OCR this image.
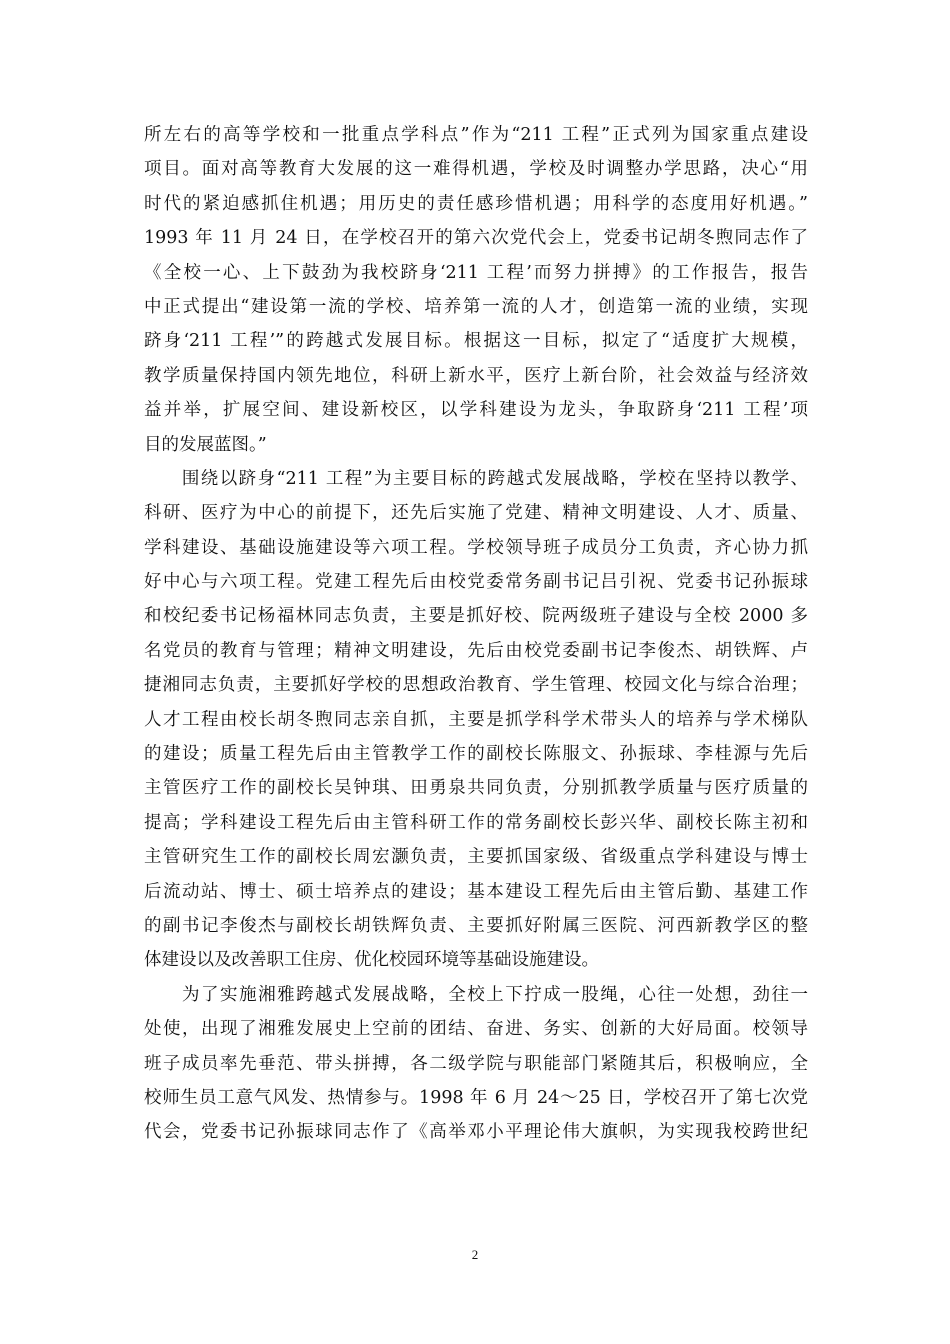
所左右的高等学校和一批重点学科点”作为“211 工程”正式列为国家重点建设
项目。面对高等教育大发展的这一难得机遇，学校及时调整办学思路，决心“用
时代的紧迫感抓住机遇；用历史的责任感珍惜机遇；用科学的态度用好机遇。”
1993 年 11 月 24 日，在学校召开的第六次党代会上，党委书记胡冬煦同志作了
《全校一心、上下鼓劲为我校跻身‘211 工程’而努力拼搏》的工作报告，报告
中正式提出“建设第一流的学校、培养第一流的人才，创造第一流的业绩，实现
跻身‘211 工程’”的跨越式发展目标。根据这一目标，拟定了“适度扩大规模，
教学质量保持国内领先地位，科研上新水平，医疗上新台阶，社会效益与经济效
益并举，扩展空间、建设新校区，以学科建设为龙头，争取跻身‘211 工程’项
目的发展蓝图。”
　　围绕以跻身“211 工程”为主要目标的跨越式发展战略，学校在坚持以教学、
科研、医疗为中心的前提下，还先后实施了党建、精神文明建设、人才、质量、
学科建设、基础设施建设等六项工程。学校领导班子成员分工负责，齐心协力抓
好中心与六项工程。党建工程先后由校党委常务副书记吕引祝、党委书记孙振球
和校纪委书记杨福林同志负责，主要是抓好校、院两级班子建设与全校 2000 多
名党员的教育与管理；精神文明建设，先后由校党委副书记李俊杰、胡铁辉、卢
捷湘同志负责，主要抓好学校的思想政治教育、学生管理、校园文化与综合治理；
人才工程由校长胡冬煦同志亲自抓，主要是抓学科学术带头人的培养与学术梯队
的建设；质量工程先后由主管教学工作的副校长陈服文、孙振球、李桂源与先后
主管医疗工作的副校长吴钟琪、田勇泉共同负责，分别抓教学质量与医疗质量的
提高；学科建设工程先后由主管科研工作的常务副校长彭兴华、副校长陈主初和
主管研究生工作的副校长周宏灏负责，主要抓国家级、省级重点学科建设与博士
后流动站、博士、硕士培养点的建设；基本建设工程先后由主管后勤、基建工作
的副书记李俊杰与副校长胡铁辉负责、主要抓好附属三医院、河西新教学区的整
体建设以及改善职工住房、优化校园环境等基础设施建设。
　　为了实施湘雅跨越式发展战略，全校上下拧成一股绳，心往一处想，劲往一
处使，出现了湘雅发展史上空前的团结、奋进、务实、创新的大好局面。校领导
班子成员率先垂范、带头拼搏，各二级学院与职能部门紧随其后，积极响应，全
校师生员工意气风发、热情参与。1998 年 6 月 24～25 日，学校召开了第七次党
代会，党委书记孙振球同志作了《高举邓小平理论伟大旗帜，为实现我校跨世纪
2
